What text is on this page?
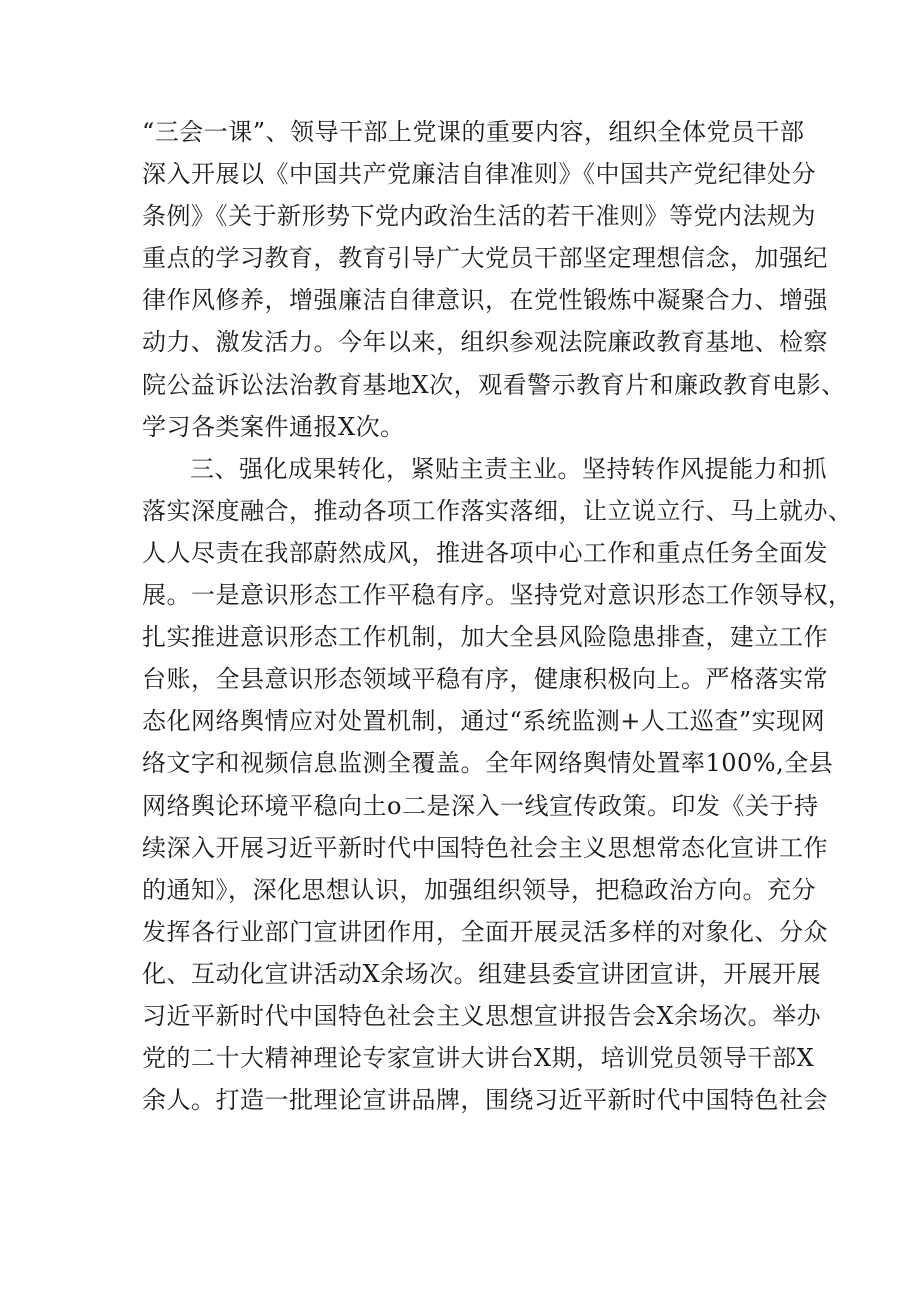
“三会一课”、领导干部上党课的重要内容，组织全体党员干部
深入开展以《中国共产党廉洁自律准则》《中国共产党纪律处分
条例》《关于新形势下党内政治生活的若干准则》等党内法规为
重点的学习教育，教育引导广大党员干部坚定理想信念，加强纪
律作风修养，增强廉洁自律意识，在党性锻炼中凝聚合力、增强
动力、激发活力。今年以来，组织参观法院廉政教育基地、检察
院公益诉讼法治教育基地X次，观看警示教育片和廉政教育电影、
学习各类案件通报X次。
三、强化成果转化，紧贴主责主业。坚持转作风提能力和抓
落实深度融合，推动各项工作落实落细，让立说立行、马上就办、
人人尽责在我部蔚然成风，推进各项中心工作和重点任务全面发
展。一是意识形态工作平稳有序。坚持党对意识形态工作领导权，
扎实推进意识形态工作机制，加大全县风险隐患排查，建立工作
台账，全县意识形态领域平稳有序，健康积极向上。严格落实常
态化网络舆情应对处置机制，通过“系统监测+人工巡查”实现网
络文字和视频信息监测全覆盖。全年网络舆情处置率100%,全县
网络舆论环境平稳向土o二是深入一线宣传政策。印发《关于持
续深入开展习近平新时代中国特色社会主义思想常态化宣讲工作
的通知》，深化思想认识，加强组织领导，把稳政治方向。充分
发挥各行业部门宣讲团作用，全面开展灵活多样的对象化、分众
化、互动化宣讲活动X余场次。组建县委宣讲团宣讲，开展开展
习近平新时代中国特色社会主义思想宣讲报告会X余场次。举办
党的二十大精神理论专家宣讲大讲台X期，培训党员领导干部X
余人。打造一批理论宣讲品牌，围绕习近平新时代中国特色社会
